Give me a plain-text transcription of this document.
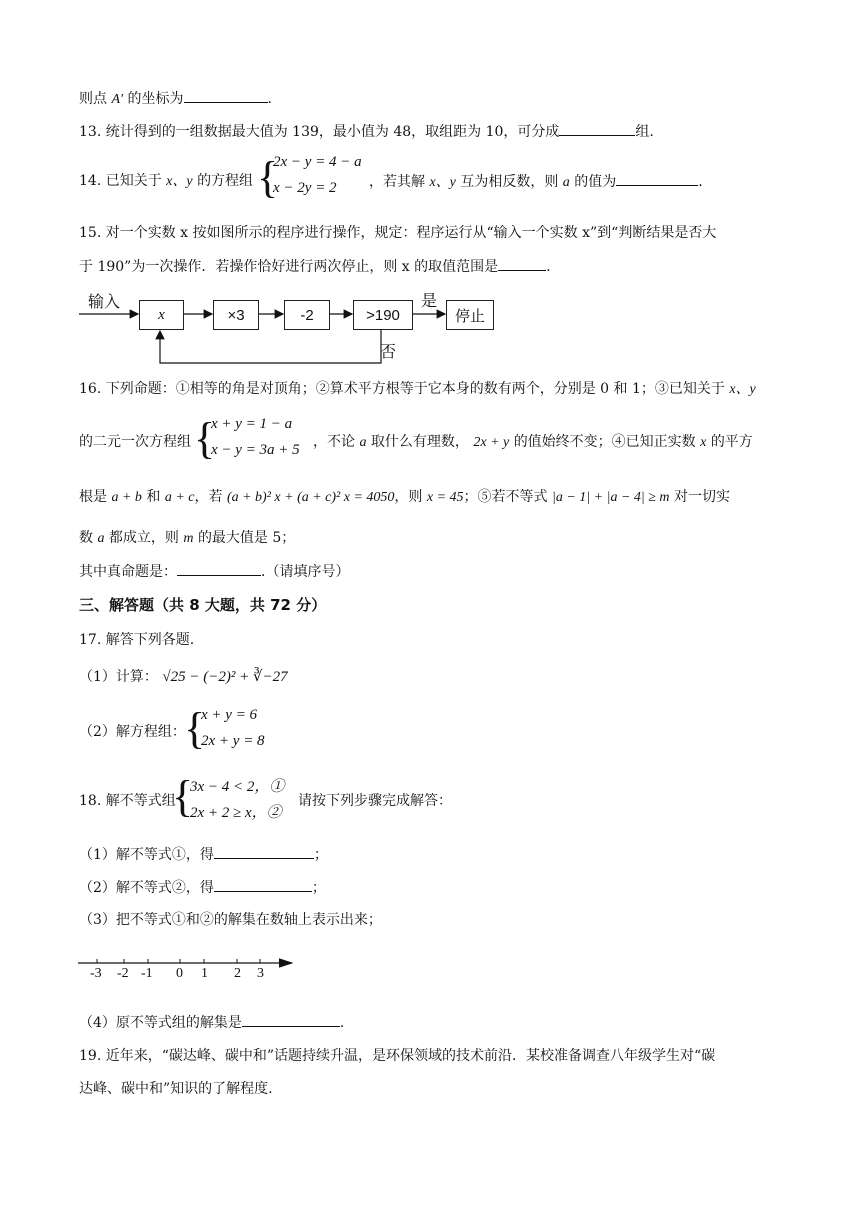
则点 A′ 的坐标为	.
13. 统计得到的一组数据最大值为 139，最小值为 48，取组距为 10，可分成	组.
14. 已知关于 x、y 的方程组 {
2x − y = 4 − a
x − 2y = 2 ，若其解 x、y 互为相反数，则 a 的值为	.
15. 对一个实数 x 按如图所示的程序进行操作，规定：程序运行从“输入一个实数 x”到“判断结果是否大
于 190”为一次操作．若操作恰好进行两次停止，则 x 的取值范围是	.
输入
x	×3	-2	>190
是
停止
否
16. 下列命题：①相等的角是对顶角；②算术平方根等于它本身的数有两个，分别是 0 和 1；③已知关于 x、y
的二元一次方程组 {
x + y = 1 − a
x − y = 3a + 5 ，不论 a 取什么有理数， 2x + y 的值始终不变；④已知正实数 x 的平方
根是 a + b 和 a + c，若 (a + b)² x + (a + c)² x = 4050，则 x = 45；⑤若不等式 |a − 1| + |a − 4| ≥ m 对一切实
数 a 都成立，则 m 的最大值是 5；
其中真命题是：	.（请填序号）
三、解答题（共 8 大题，共 72 分）
17. 解答下列各题.
（1）计算： √25 − (−2)² + ∛−27
（2）解方程组：
{
x + y = 6
2x + y = 8
18. 解不等式组
{
3x − 4 < 2，①
2x + 2 ≥ x，②
请按下列步骤完成解答：
（1）解不等式①，得	；
（2）解不等式②，得	；
（3）把不等式①和②的解集在数轴上表示出来；
-3 -2 -1 0 1 2 3
（4）原不等式组的解集是	.
19. 近年来，“碳达峰、碳中和”话题持续升温，是环保领域的技术前沿．某校准备调查八年级学生对“碳
达峰、碳中和”知识的了解程度.
